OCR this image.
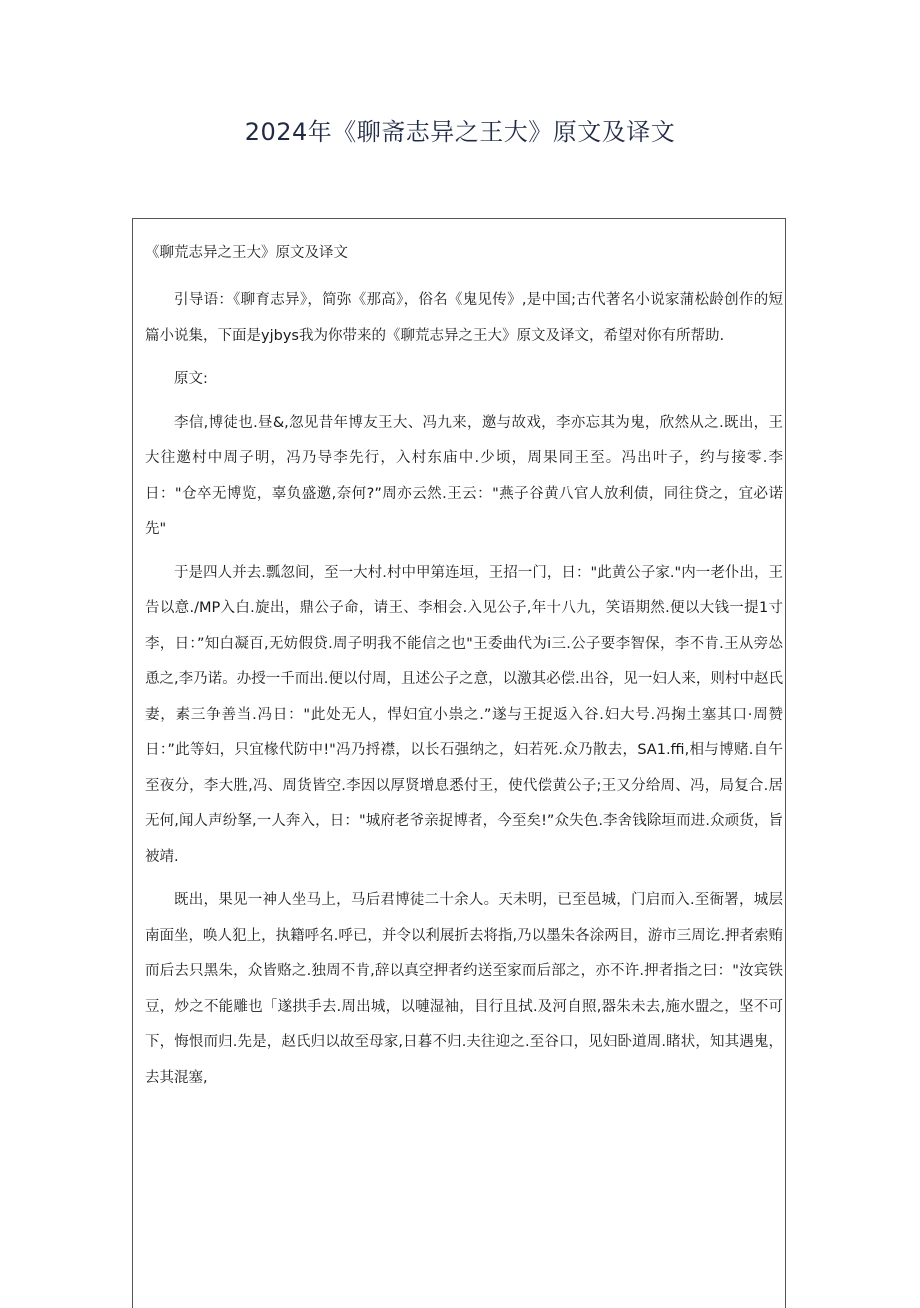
2024年《聊斋志异之王大》原文及译文
《聊荒志异之王大》原文及译文

引导语：《聊育志异》，简弥《那高》，俗名《鬼见传》,是中国;古代著名小说家蒲松龄创作的短篇小说集，下面是yjbys我为你带来的《聊荒志异之王大》原文及译文，希望对你有所帮助.

原文:

李信,博徒也.昼&,忽见昔年博友王大、冯九来，邀与故戏，李亦忘其为鬼，欣然从之.既出，王大往邀村中周子明，冯乃导李先行，入村东庙中.少顷，周果同王至。冯出叶子，约与接零.李日："仓卒无博览，辜负盛邀,奈何?”周亦云然.王云："燕子谷黄八官人放利债，同往贷之，宜必诺先"

于是四人并去.瓢忽间，至一大村.村中甲第连垣，王招一门，日："此黄公子家."内一老仆出，王告以意./MP入白.旋出，鼎公子命，请王、李相会.入见公子,年十八九，笑语期然.便以大钱一提1寸李，日：”知白凝百,无妨假贷.周子明我不能信之也"王委曲代为i三.公子要李智保，李不肯.王从旁怂恿之,李乃诺。办授一千而出.便以付周，且述公子之意，以激其必偿.出谷，见一妇人来，则村中赵氏妻，素三争善当.冯日："此处无人，悍妇宜小祟之.”遂与王捉返入谷.妇大号.冯掬土塞其口·周赞日：”此等妇，只宜椽代防中!"冯乃捋襟，以长石强纳之，妇若死.众乃散去，SA1.ffi,相与博赌.自午至夜分，李大胜,冯、周货皆空.李因以厚贤增息悉付王，使代偿黄公子;王又分给周、冯，局复合.居无何,闻人声纷拏,一人奔入，日："城府老爷亲捉博者，今至矣!”众失色.李舍钱除垣而进.众顽货，旨被靖.

既出，果见一神人坐马上，马后君博徒二十余人。天未明，已至邑城，门启而入.至衙署，城层南面坐，唤人犯上，执籍呼名.呼已，并令以利展折去将指,乃以墨朱各涂两目，游市三周讫.押者索贿而后去只黑朱，众皆赂之.独周不肯,辞以真空押者约送至家而后部之，亦不许.押者指之曰："汝宾铁豆，炒之不能雕也「遂拱手去.周出城，以嗹湿袖，目行且拭.及河自照,器朱未去,施水盟之，坚不可下，悔恨而归.先是，赵氏归以故至母家,日暮不归.夫往迎之.至谷口，见妇卧道周.睹状，知其遇鬼，去其混塞,
